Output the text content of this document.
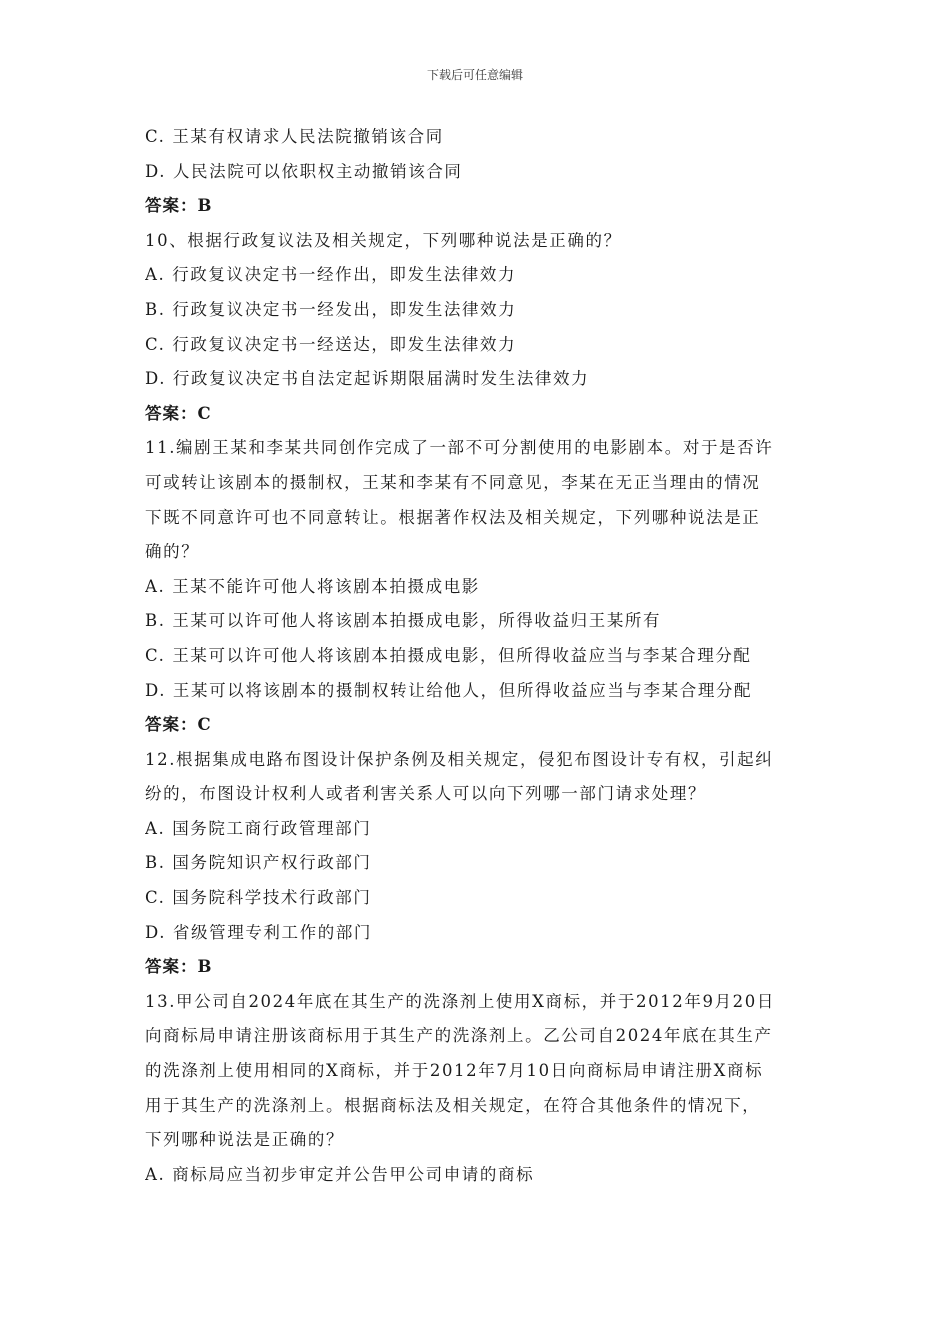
下载后可任意编辑
C. 王某有权请求人民法院撤销该合同
D. 人民法院可以依职权主动撤销该合同
答案：B
10、根据行政复议法及相关规定，下列哪种说法是正确的？
A. 行政复议决定书一经作出，即发生法律效力
B. 行政复议决定书一经发出，即发生法律效力
C. 行政复议决定书一经送达，即发生法律效力
D. 行政复议决定书自法定起诉期限届满时发生法律效力
答案：C
11.编剧王某和李某共同创作完成了一部不可分割使用的电影剧本。对于是否许
可或转让该剧本的摄制权，王某和李某有不同意见，李某在无正当理由的情况
下既不同意许可也不同意转让。根据著作权法及相关规定，下列哪种说法是正
确的？
A. 王某不能许可他人将该剧本拍摄成电影
B. 王某可以许可他人将该剧本拍摄成电影，所得收益归王某所有
C. 王某可以许可他人将该剧本拍摄成电影，但所得收益应当与李某合理分配
D. 王某可以将该剧本的摄制权转让给他人，但所得收益应当与李某合理分配
答案：C
12.根据集成电路布图设计保护条例及相关规定，侵犯布图设计专有权，引起纠
纷的，布图设计权利人或者利害关系人可以向下列哪一部门请求处理？
A. 国务院工商行政管理部门
B. 国务院知识产权行政部门
C. 国务院科学技术行政部门
D. 省级管理专利工作的部门
答案：B
13.甲公司自2024年底在其生产的洗涤剂上使用X商标，并于2012年9月20日
向商标局申请注册该商标用于其生产的洗涤剂上。乙公司自2024年底在其生产
的洗涤剂上使用相同的X商标，并于2012年7月10日向商标局申请注册X商标
用于其生产的洗涤剂上。根据商标法及相关规定，在符合其他条件的情况下，
下列哪种说法是正确的？
A. 商标局应当初步审定并公告甲公司申请的商标
